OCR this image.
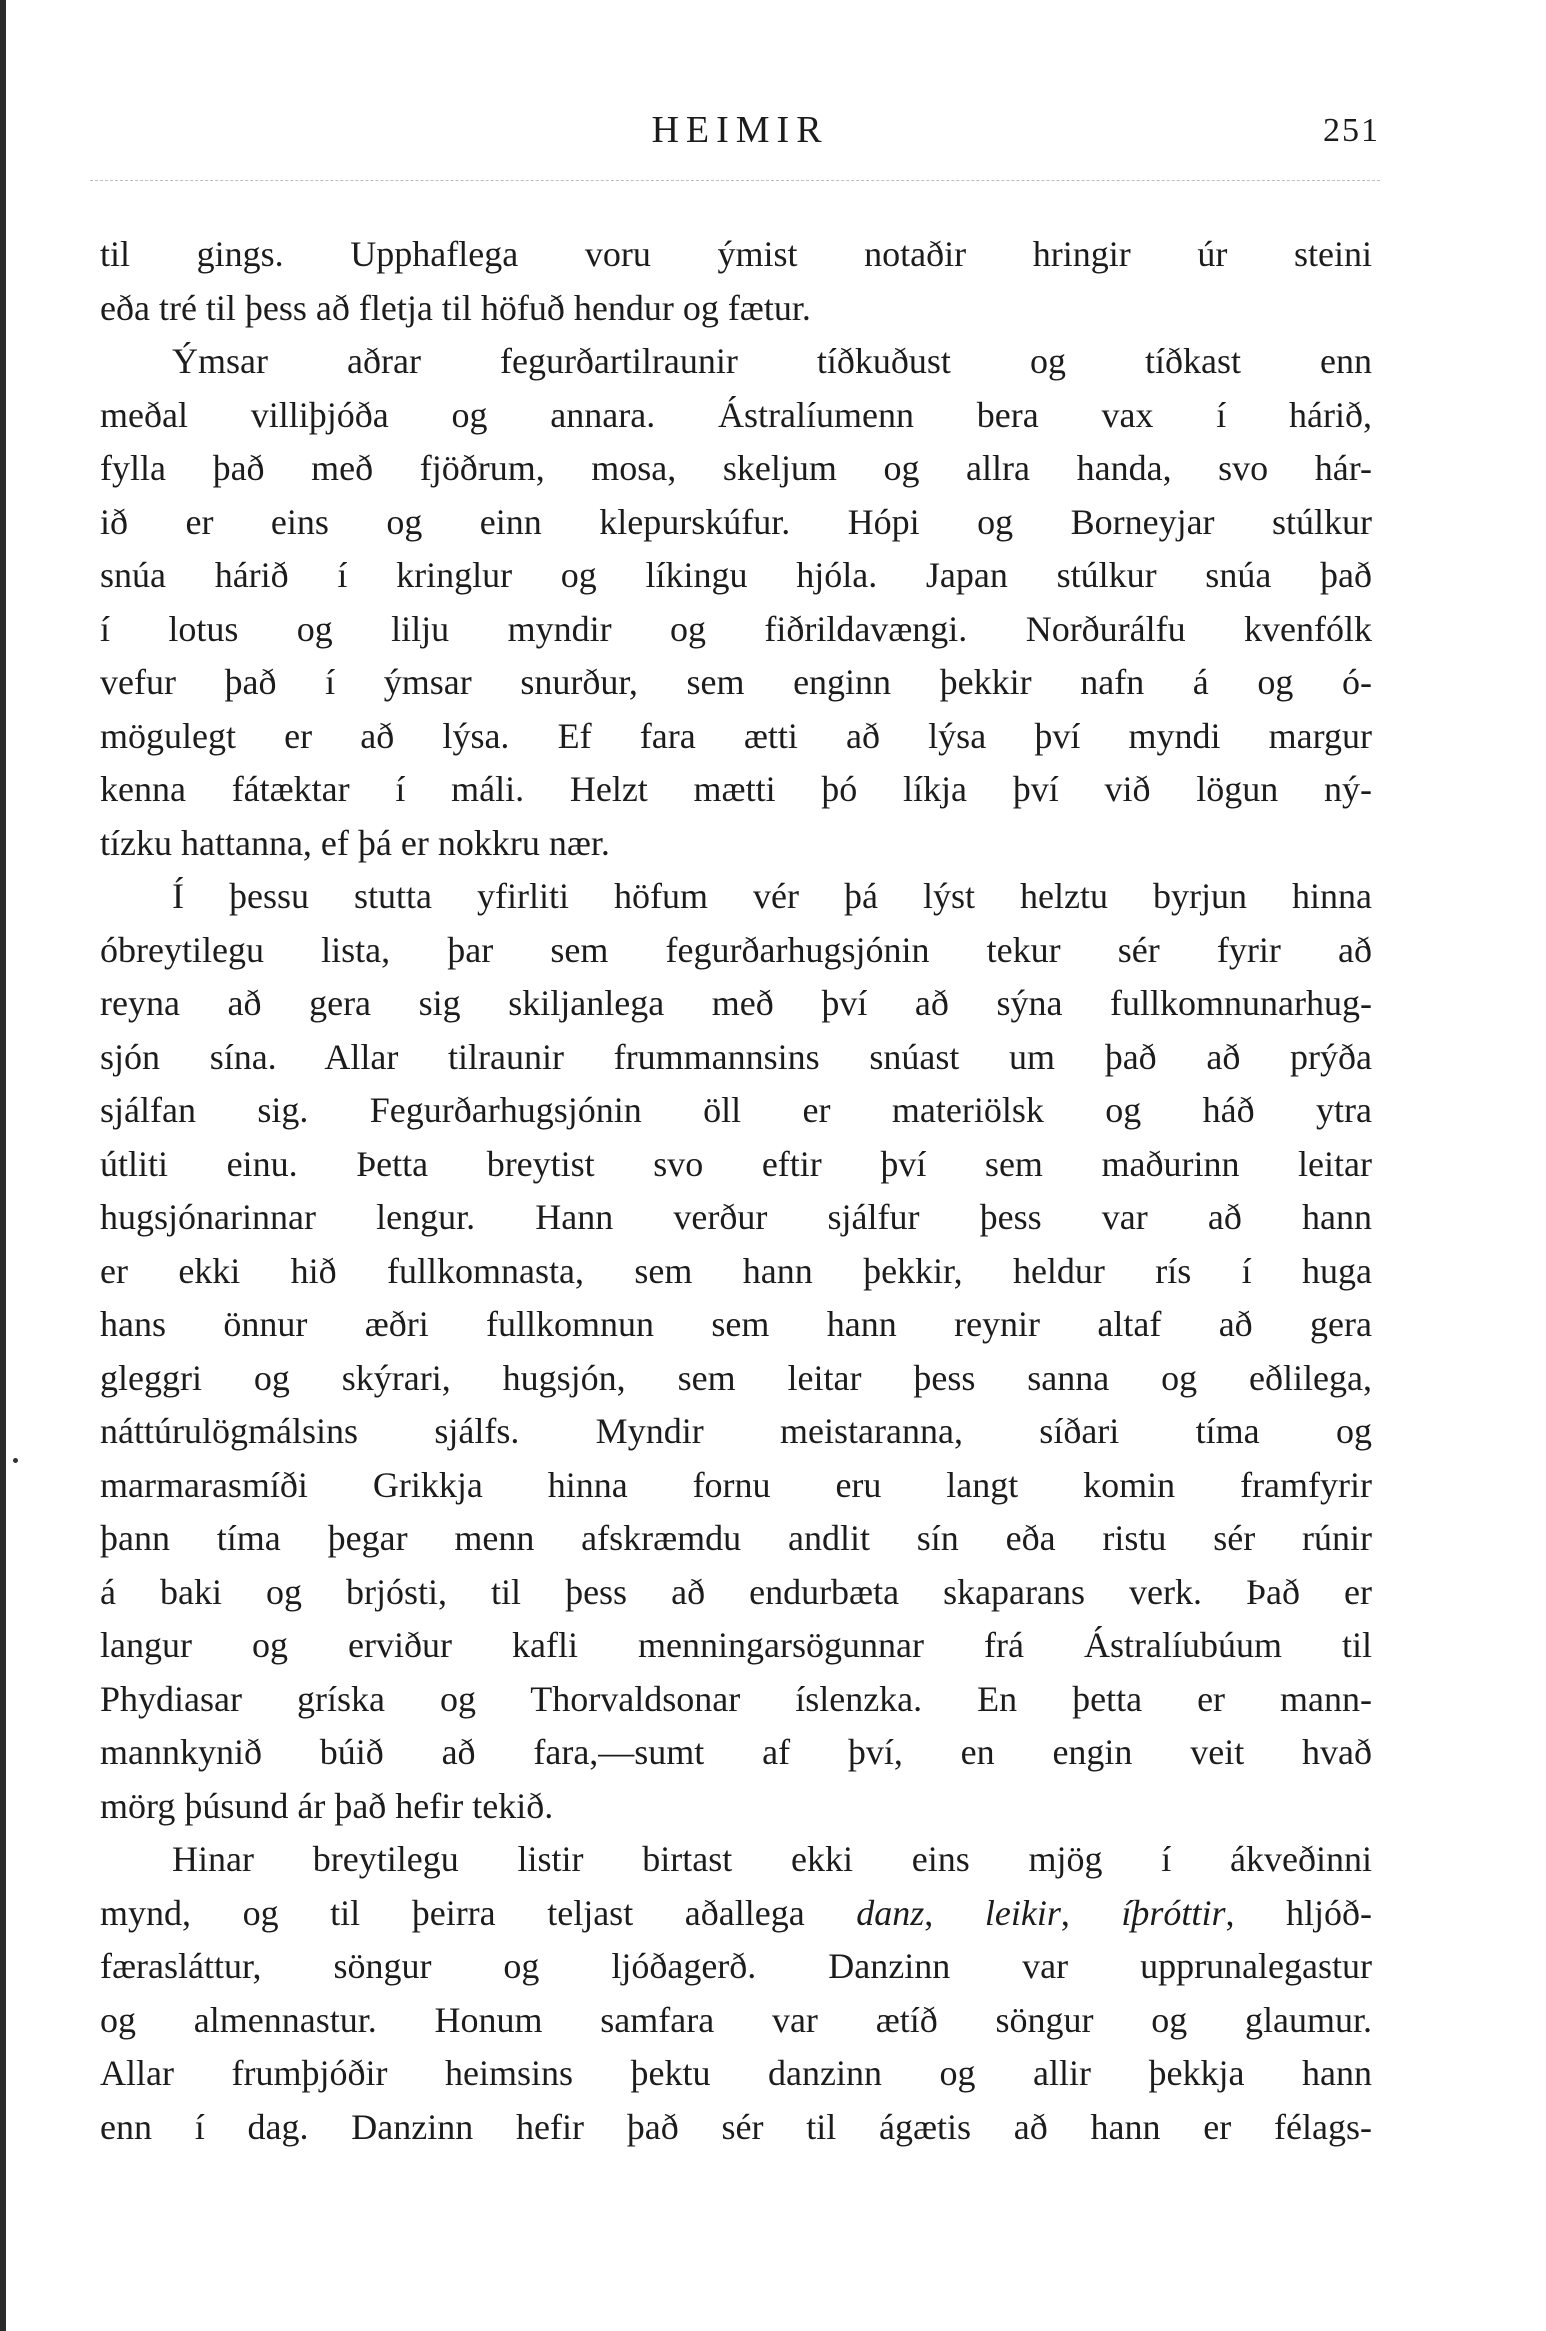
HEIMIR	251
til gings. Upphaflega voru ýmist notaðir hringir úr steini
eða tré til þess að fletja til höfuð hendur og fætur.
Ýmsar aðrar fegurðartilraunir tíðkuðust og tíðkast enn
meðal villiþjóða og annara. Ástralíumenn bera vax í hárið,
fylla það með fjöðrum, mosa, skeljum og allra handa, svo hár-
ið er eins og einn klepurskúfur. Hópi og Borneyjar stúlkur
snúa hárið í kringlur og líkingu hjóla. Japan stúlkur snúa það
í lotus og lilju myndir og fiðrildavængi. Norðurálfu kvenfólk
vefur það í ýmsar snurður, sem enginn þekkir nafn á og ó-
mögulegt er að lýsa. Ef fara ætti að lýsa því myndi margur
kenna fátæktar í máli. Helzt mætti þó líkja því við lögun ný-
tízku hattanna, ef þá er nokkru nær.
Í þessu stutta yfirliti höfum vér þá lýst helztu byrjun hinna
óbreytilegu lista, þar sem fegurðarhugsjónin tekur sér fyrir að
reyna að gera sig skiljanlega með því að sýna fullkomnunarhug-
sjón sína. Allar tilraunir frummannsins snúast um það að prýða
sjálfan sig. Fegurðarhugsjónin öll er materiölsk og háð ytra
útliti einu. Þetta breytist svo eftir því sem maðurinn leitar
hugsjónarinnar lengur. Hann verður sjálfur þess var að hann
er ekki hið fullkomnasta, sem hann þekkir, heldur rís í huga
hans önnur æðri fullkomnun sem hann reynir altaf að gera
gleggri og skýrari, hugsjón, sem leitar þess sanna og eðlilega,
náttúrulögmálsins sjálfs. Myndir meistaranna, síðari tíma og
marmarasmíði Grikkja hinna fornu eru langt komin framfyrir
þann tíma þegar menn afskræmdu andlit sín eða ristu sér rúnir
á baki og brjósti, til þess að endurbæta skaparans verk. Það er
langur og erviður kafli menningarsögunnar frá Ástralíubúum til
Phydiasar gríska og Thorvaldsonar íslenzka. En þetta er mann-
mannkynið búið að fara,—sumt af því, en engin veit hvað
mörg þúsund ár það hefir tekið.
Hinar breytilegu listir birtast ekki eins mjög í ákveðinni
mynd, og til þeirra teljast aðallega danz, leikir, íþróttir, hljóð-
færasláttur, söngur og ljóðagerð. Danzinn var upprunalegastur
og almennastur. Honum samfara var ætíð söngur og glaumur.
Allar frumþjóðir heimsins þektu danzinn og allir þekkja hann
enn í dag. Danzinn hefir það sér til ágætis að hann er félags-
